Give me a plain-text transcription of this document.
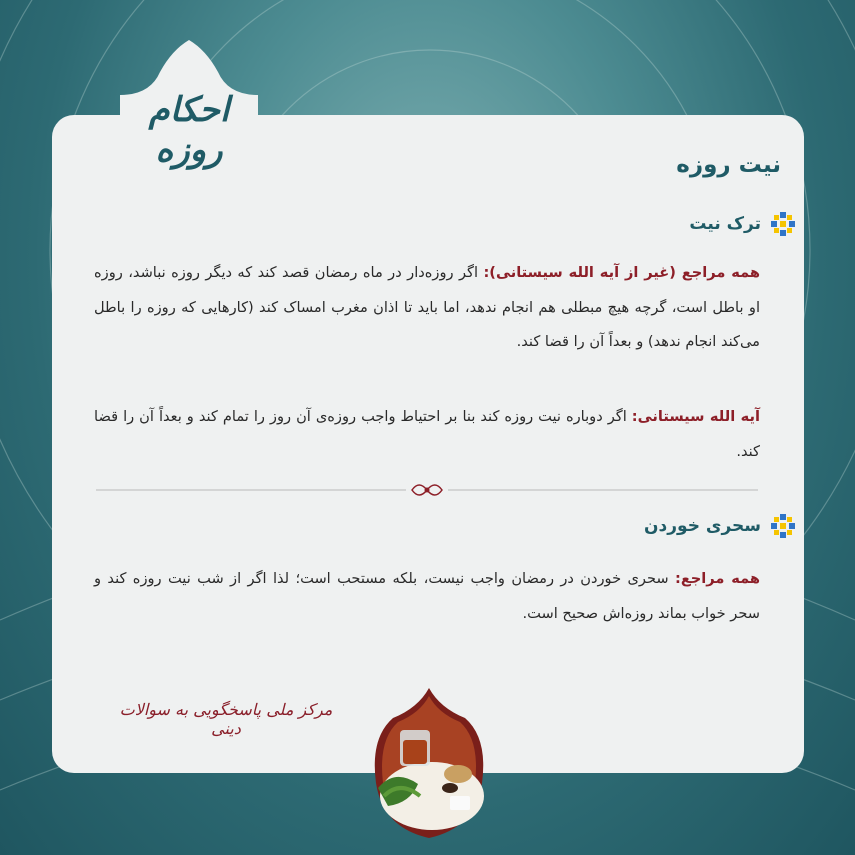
احکام روزه	نیت روزه
ترک نیت
همه مراجع (غیر از آیه الله سیستانی): اگر روزه‌دار در ماه رمضان قصد کند که دیگر روزه نباشد، روزه او باطل است، گرچه هیچ مبطلی هم انجام ندهد، اما باید تا اذان مغرب امساک کند (کارهایی که روزه را باطل می‌کند انجام ندهد) و بعداً آن را قضا کند.
آیه الله سیستانی: اگر دوباره نیت روزه کند بنا بر احتیاط واجب روزه‌ی آن روز را تمام کند و بعداً آن را قضا کند.
سحری خوردن
همه مراجع: سحری خوردن در رمضان واجب نیست، بلکه مستحب است؛ لذا اگر از شب نیت روزه کند و سحر خواب بماند روزه‌اش صحیح است.
مرکز ملی پاسخگویی به سوالات دینی
